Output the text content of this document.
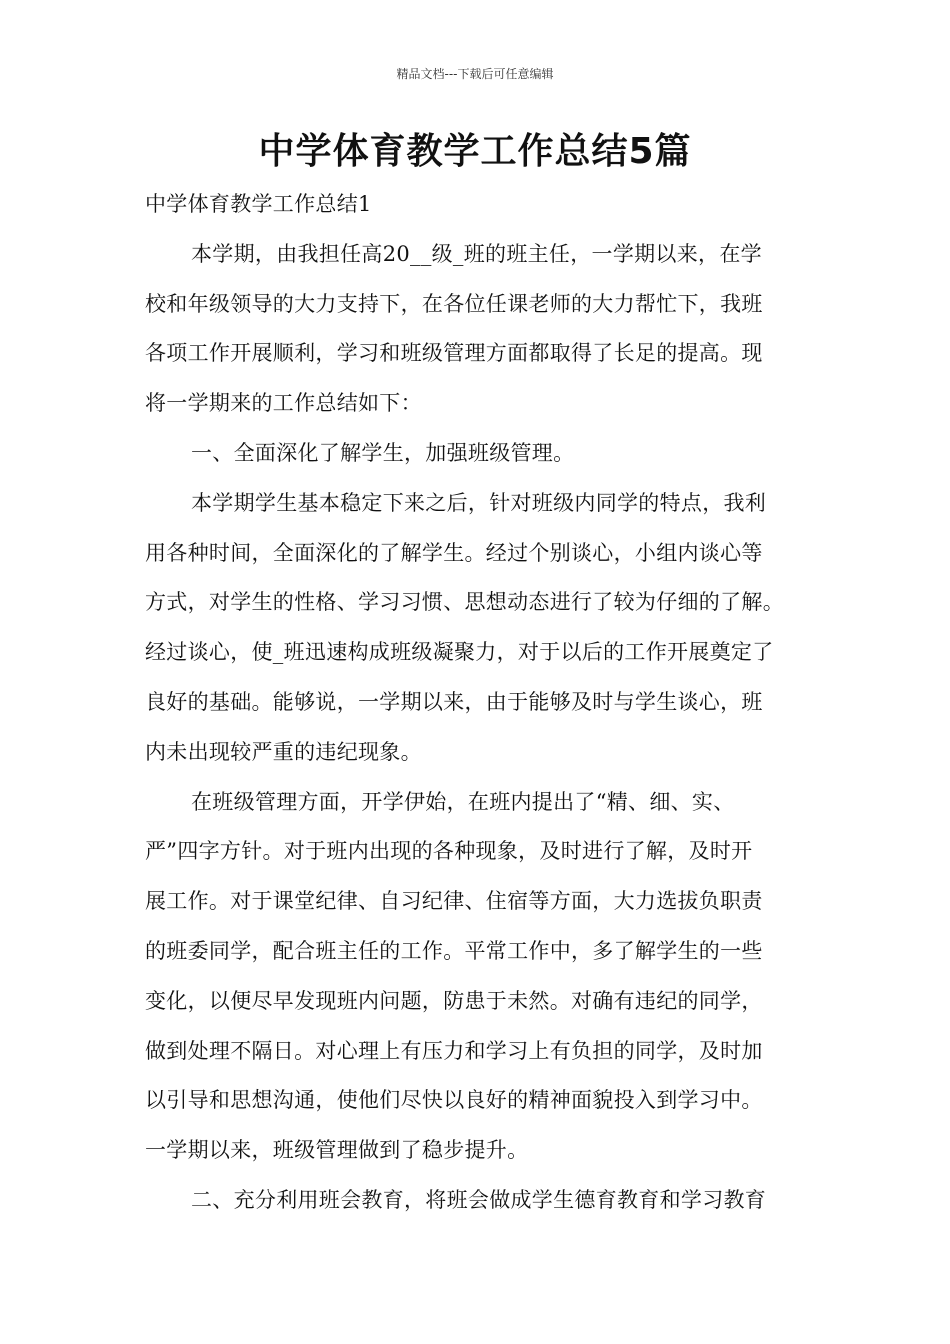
精品文档---下载后可任意编辑
中学体育教学工作总结5篇
中学体育教学工作总结1
本学期，由我担任高20__级_班的班主任，一学期以来，在学
校和年级领导的大力支持下，在各位任课老师的大力帮忙下，我班
各项工作开展顺利，学习和班级管理方面都取得了长足的提高。现
将一学期来的工作总结如下：
一、全面深化了解学生，加强班级管理。
本学期学生基本稳定下来之后，针对班级内同学的特点，我利
用各种时间，全面深化的了解学生。经过个别谈心，小组内谈心等
方式，对学生的性格、学习习惯、思想动态进行了较为仔细的了解。
经过谈心，使_班迅速构成班级凝聚力，对于以后的工作开展奠定了
良好的基础。能够说，一学期以来，由于能够及时与学生谈心，班
内未出现较严重的违纪现象。
在班级管理方面，开学伊始，在班内提出了“精、细、实、
严”四字方针。对于班内出现的各种现象，及时进行了解，及时开
展工作。对于课堂纪律、自习纪律、住宿等方面，大力选拔负职责
的班委同学，配合班主任的工作。平常工作中，多了解学生的一些
变化，以便尽早发现班内问题，防患于未然。对确有违纪的同学，
做到处理不隔日。对心理上有压力和学习上有负担的同学，及时加
以引导和思想沟通，使他们尽快以良好的精神面貌投入到学习中。
一学期以来，班级管理做到了稳步提升。
二、充分利用班会教育，将班会做成学生德育教育和学习教育
